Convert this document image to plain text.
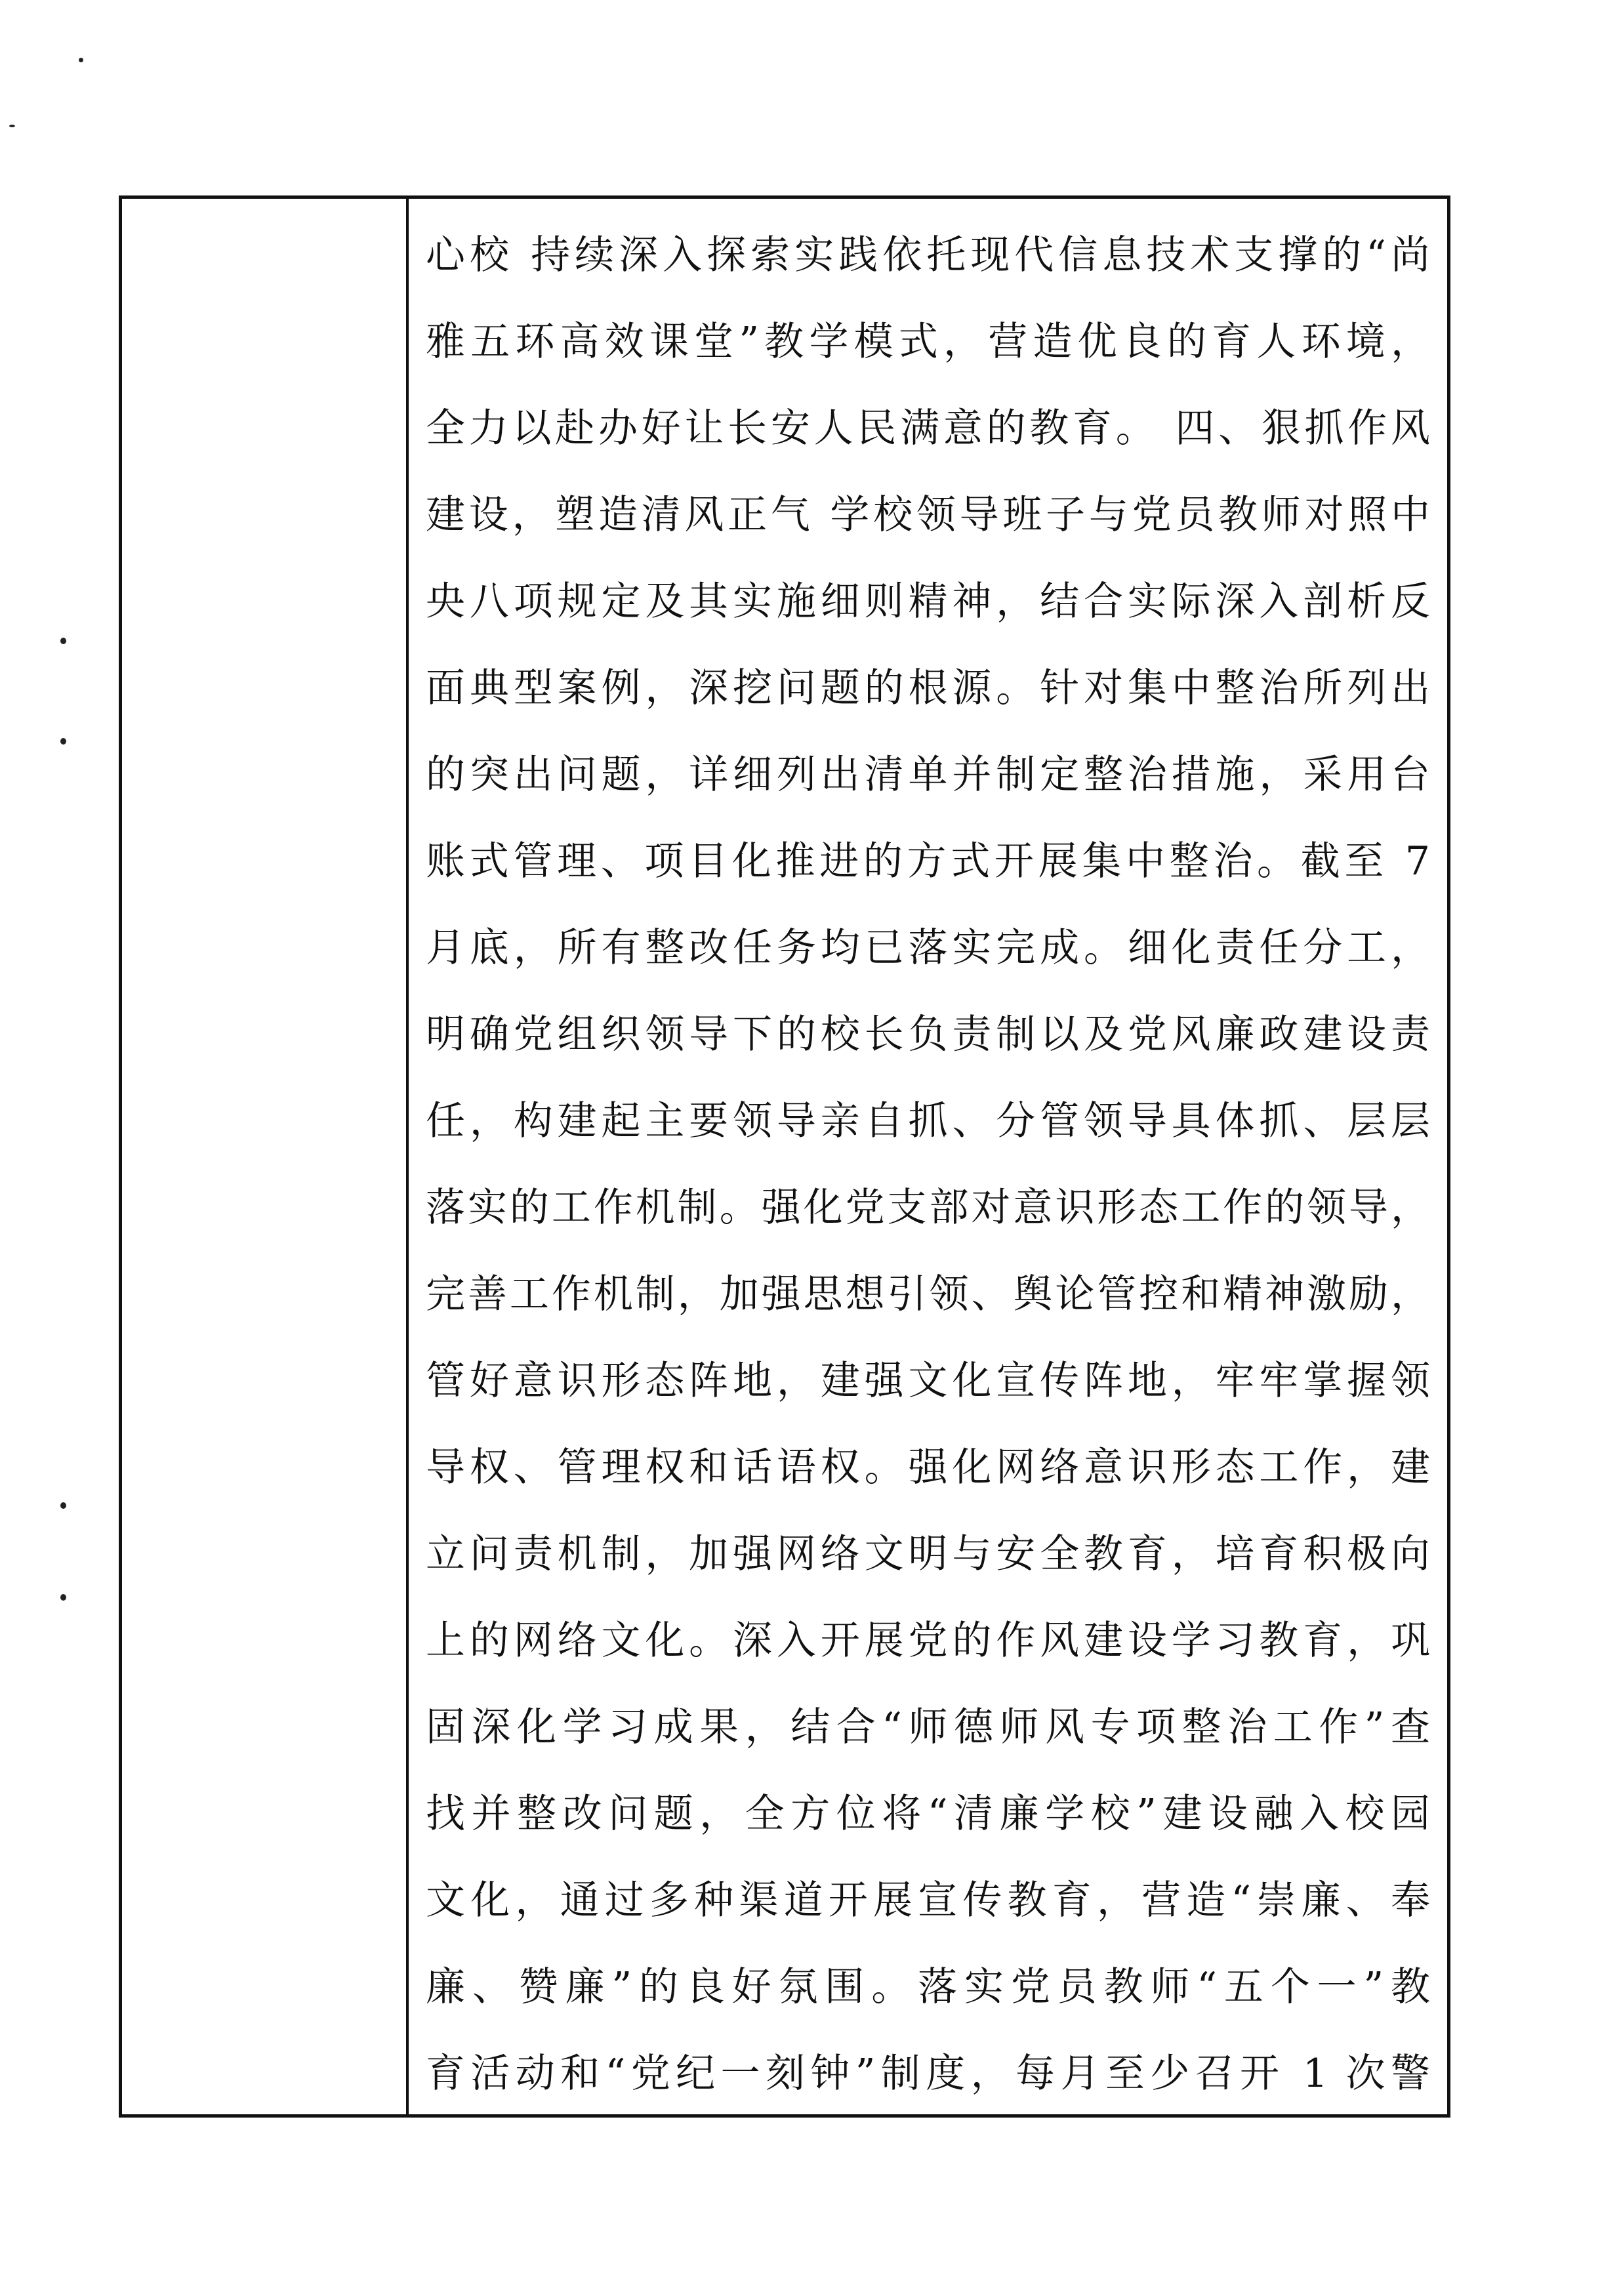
心校 持续深入探索实践依托现代信息技术支撑的“尚
雅五环高效课堂”教学模式，营造优良的育人环境，
全力以赴办好让长安人民满意的教育。 四、狠抓作风
建设，塑造清风正气 学校领导班子与党员教师对照中
央八项规定及其实施细则精神，结合实际深入剖析反
面典型案例，深挖问题的根源。针对集中整治所列出
的突出问题，详细列出清单并制定整治措施，采用台
账式管理、项目化推进的方式开展集中整治。截至 7
月底，所有整改任务均已落实完成。细化责任分工，
明确党组织领导下的校长负责制以及党风廉政建设责
任，构建起主要领导亲自抓、分管领导具体抓、层层
落实的工作机制。强化党支部对意识形态工作的领导，
完善工作机制，加强思想引领、舆论管控和精神激励，
管好意识形态阵地，建强文化宣传阵地，牢牢掌握领
导权、管理权和话语权。强化网络意识形态工作，建
立问责机制，加强网络文明与安全教育，培育积极向
上的网络文化。深入开展党的作风建设学习教育，巩
固深化学习成果，结合“师德师风专项整治工作”查
找并整改问题，全方位将“清廉学校”建设融入校园
文化，通过多种渠道开展宣传教育，营造“崇廉、奉
廉、赞廉”的良好氛围。落实党员教师“五个一”教
育活动和“党纪一刻钟”制度，每月至少召开 1 次警
